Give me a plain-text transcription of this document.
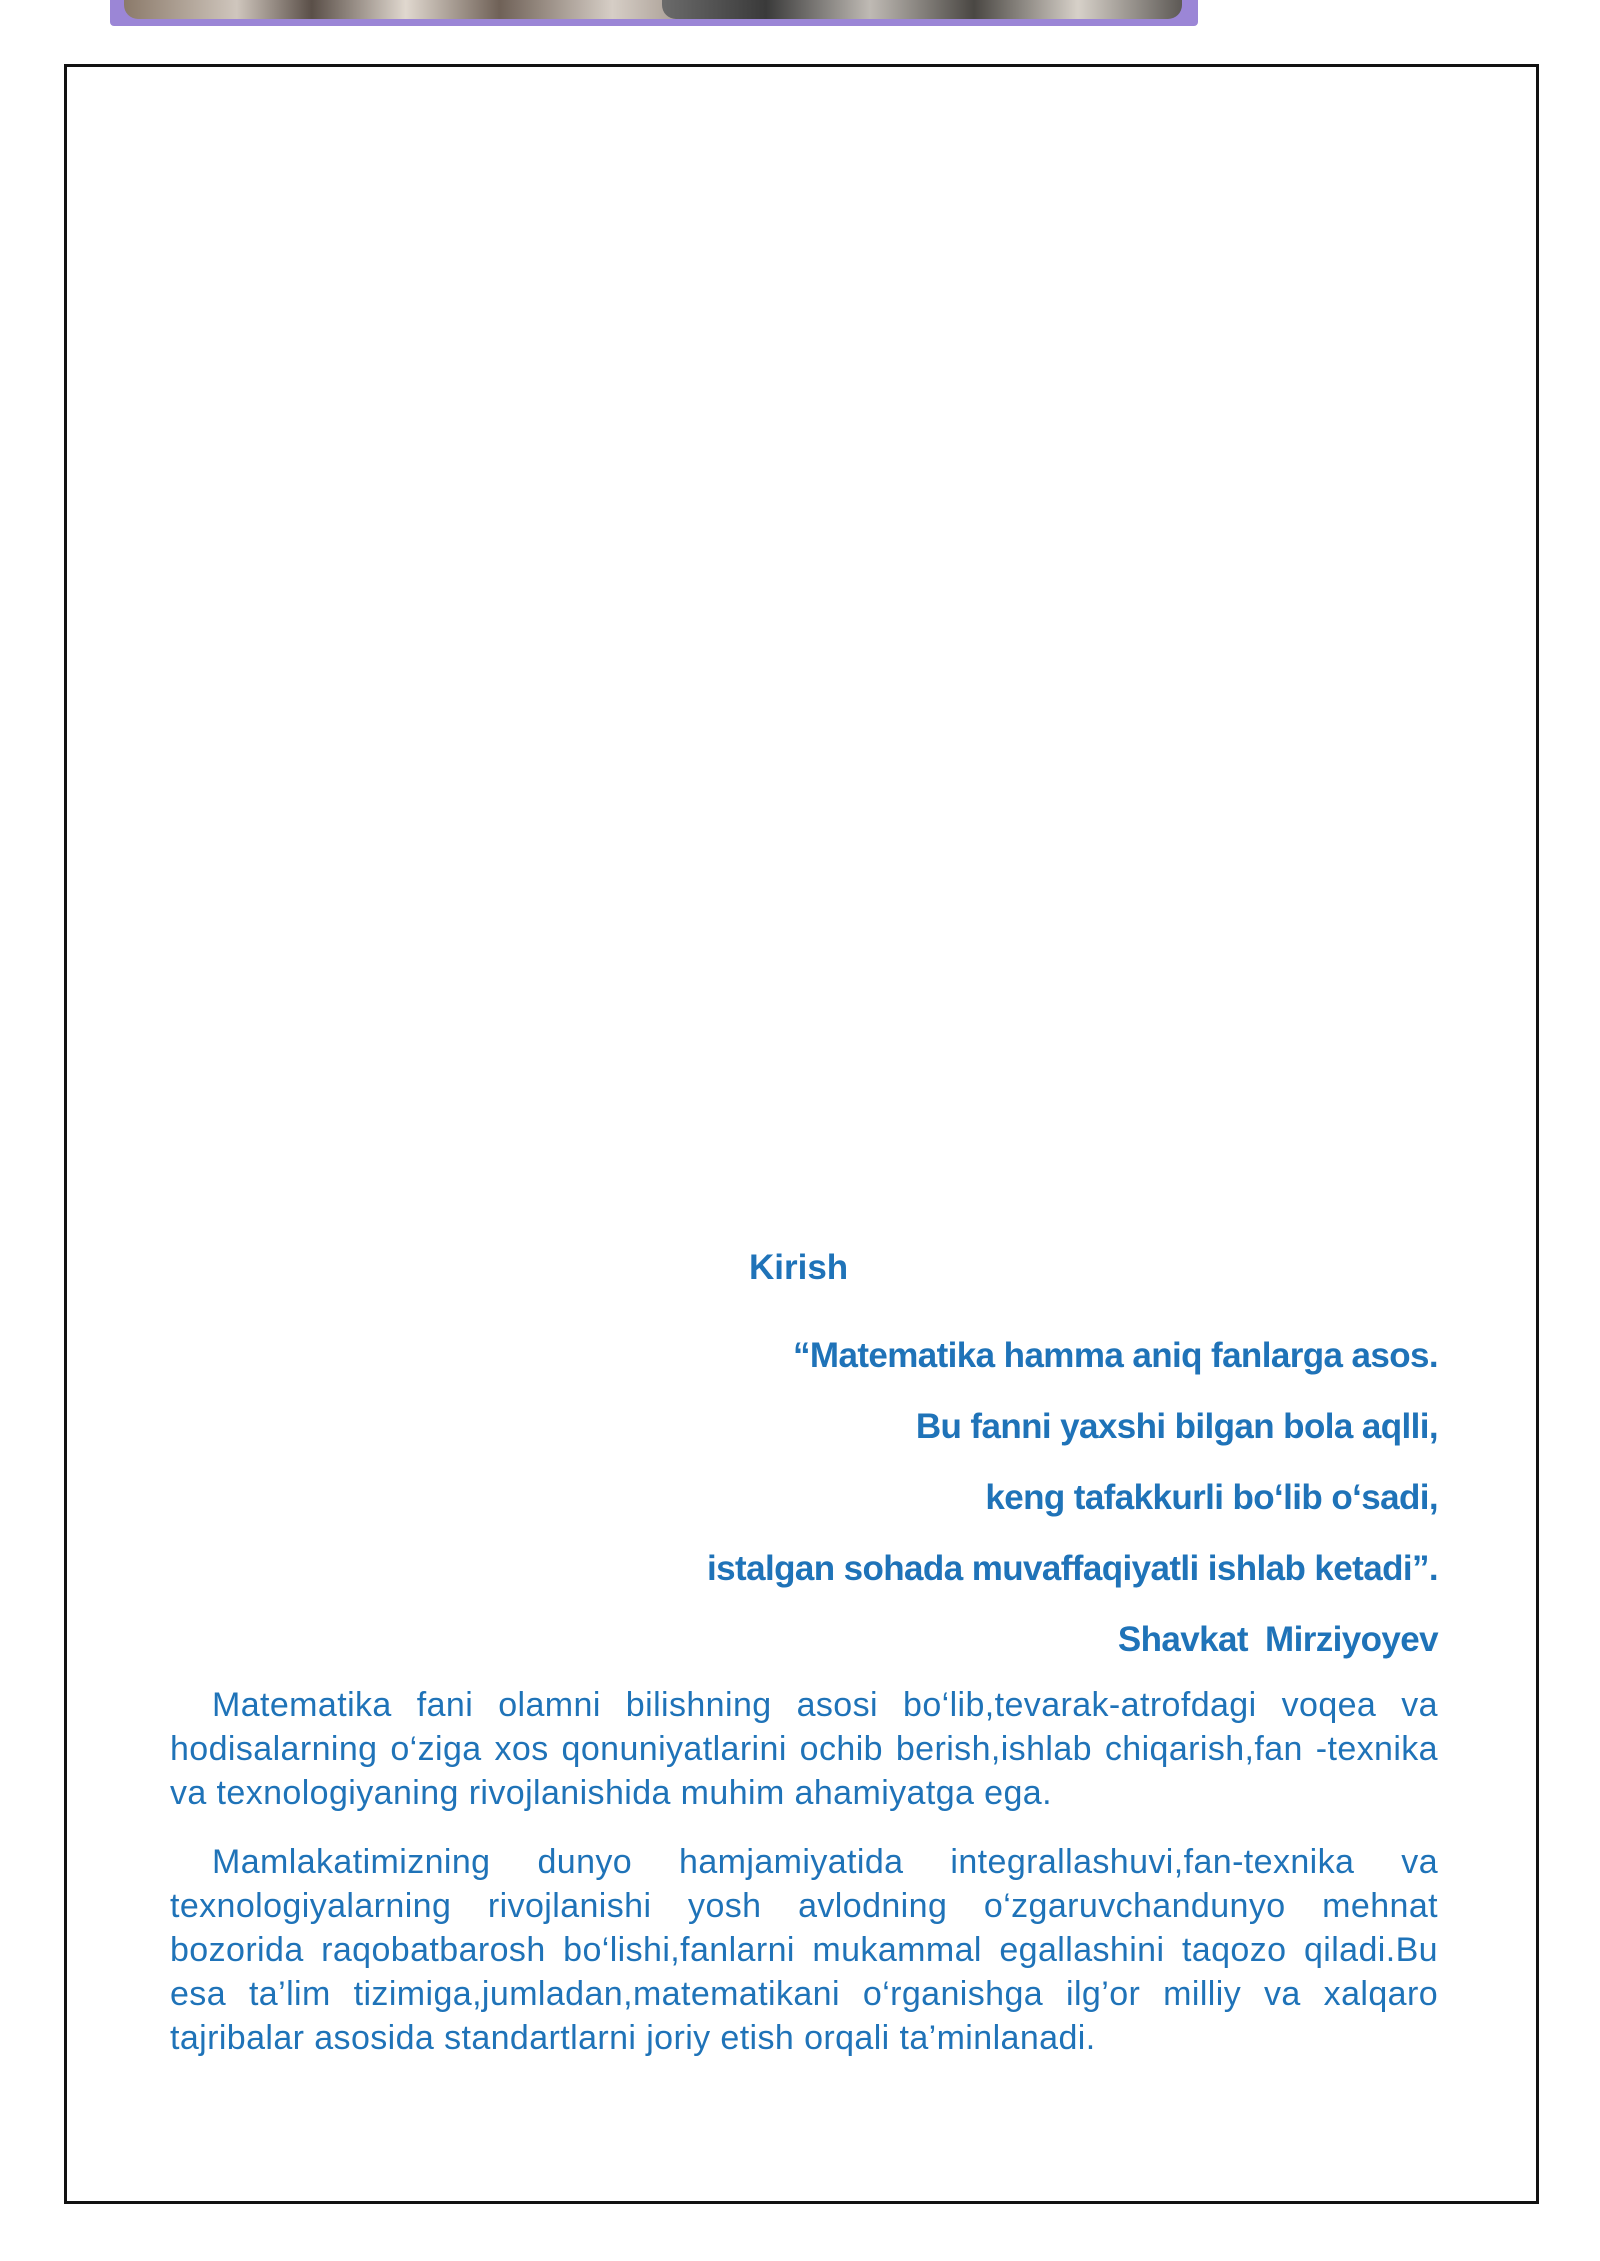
Kirish
“Matematika hamma aniq fanlarga asos.
Bu fanni yaxshi bilgan bola aqlli,
keng tafakkurli bo‘lib o‘sadi,
istalgan sohada muvaffaqiyatli ishlab ketadi”.
Shavkat Mirziyoyev

Matematika fani olamni bilishning asosi bo‘lib,tevarak-atrofdagi voqea va hodisalarning o‘ziga xos qonuniyatlarini ochib berish,ishlab chiqarish,fan -texnika va texnologiyaning rivojlanishida muhim ahamiyatga ega.

Mamlakatimizning dunyo hamjamiyatida integrallashuvi,fan-texnika va texnologiyalarning rivojlanishi yosh avlodning o‘zgaruvchandunyo mehnat bozorida raqobatbarosh bo‘lishi,fanlarni mukammal egallashini taqozo qiladi.Bu esa ta’lim tizimiga,jumladan,matematikani o‘rganishga ilg’or milliy va xalqaro tajribalar asosida standartlarni joriy etish orqali ta’minlanadi.
